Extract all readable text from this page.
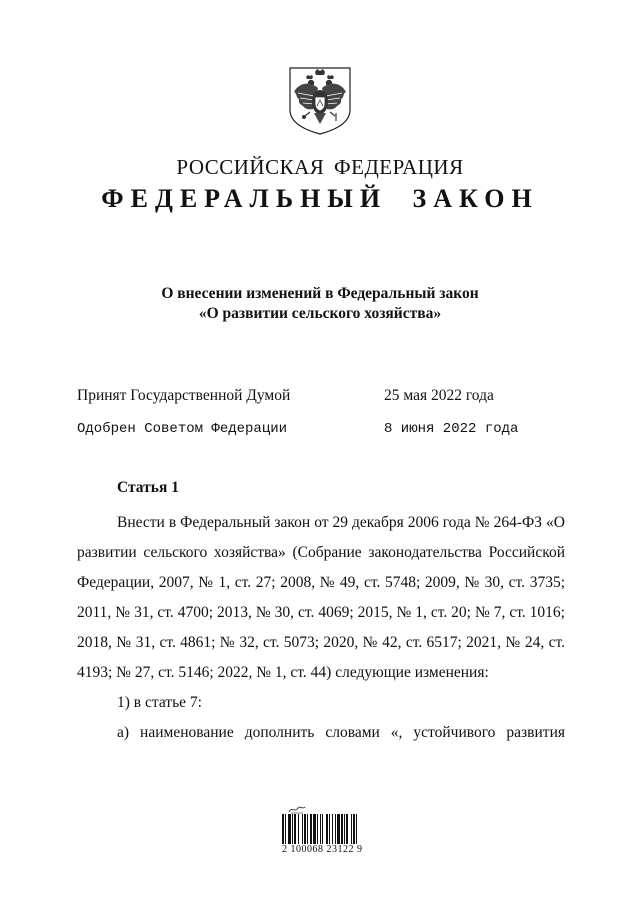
РОССИЙСКАЯ ФЕДЕРАЦИЯ
ФЕДЕРАЛЬНЫЙ ЗАКОН
О внесении изменений в Федеральный закон
«О развитии сельского хозяйства»
Принят Государственной Думой	25 мая 2022 года
Одобрен Советом Федерации	8 июня 2022 года
Статья 1

Внести в Федеральный закон от 29 декабря 2006 года № 264-ФЗ «О развитии сельского хозяйства» (Собрание законодательства Российской Федерации, 2007, № 1, ст. 27; 2008, № 49, ст. 5748; 2009, № 30, ст. 3735; 2011, № 31, ст. 4700; 2013, № 30, ст. 4069; 2015, № 1, ст. 20; № 7, ст. 1016; 2018, № 31, ст. 4861; № 32, ст. 5073; 2020, № 42, ст. 6517; 2021, № 24, ст. 4193; № 27, ст. 5146; 2022, № 1, ст. 44) следующие изменения:

1) в статье 7:

а) наименование дополнить словами «, устойчивого развития

2 100068 23122 9
